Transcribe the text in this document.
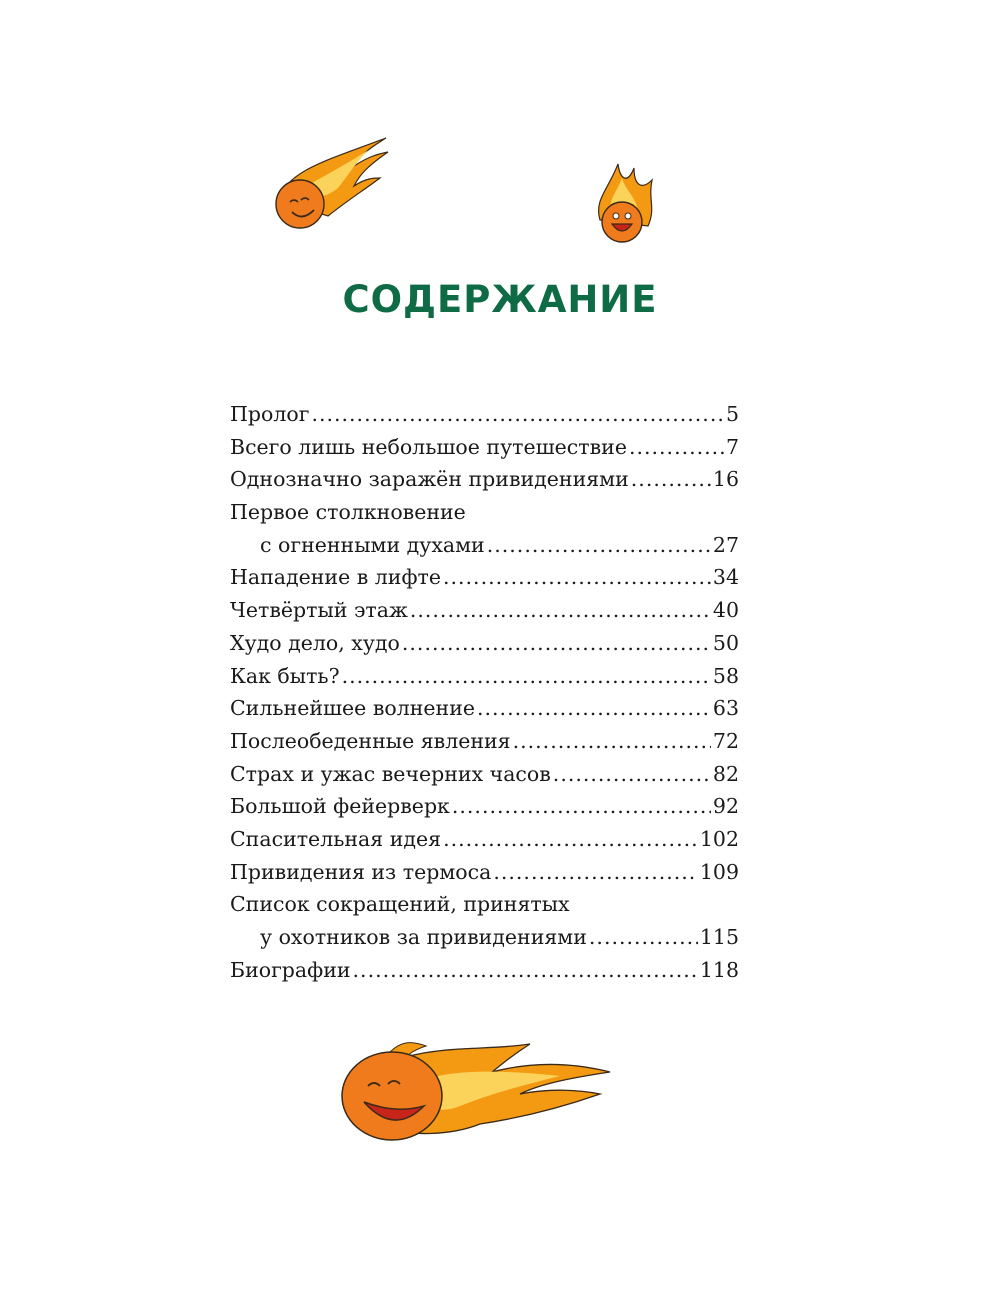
СОДЕРЖАНИЕ
Пролог .....	5
Всего лишь небольшое путешествие .....	7
Однозначно заражён привидениями .....	16
Первое столкновение
с огненными духами .....	27
Нападение в лифте .....	34
Четвёртый этаж .....	40
Худо дело, худо .....	50
Как быть? .....	58
Сильнейшее волнение .....	63
Послеобеденные явления .....	72
Страх и ужас вечерних часов .....	82
Большой фейерверк .....	92
Спасительная идея .....	102
Привидения из термоса .....	109
Список сокращений, принятых
у охотников за привидениями .....	115
Биографии .....	118
